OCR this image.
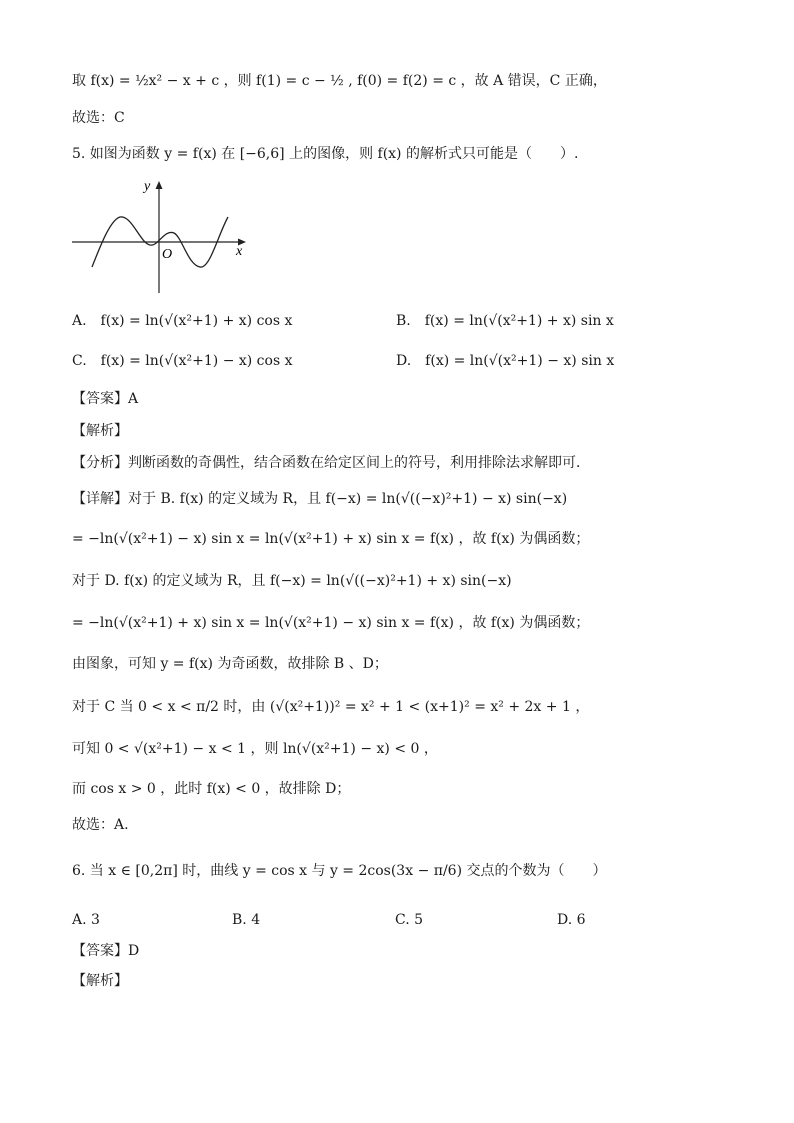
取 f(x) = ½x² − x + c ，则 f(1) = c − ½ , f(0) = f(2) = c ，故 A 错误，C 正确，
故选：C
5. 如图为函数 y = f(x) 在 [−6,6] 上的图像，则 f(x) 的解析式只可能是（　　）.
y
x
O
A.　f(x) = ln(√(x²+1) + x) cos x	B.　f(x) = ln(√(x²+1) + x) sin x
C.　f(x) = ln(√(x²+1) − x) cos x	D.　f(x) = ln(√(x²+1) − x) sin x
【答案】A
【解析】
【分析】判断函数的奇偶性，结合函数在给定区间上的符号，利用排除法求解即可．
【详解】对于 B. f(x) 的定义域为 R，且 f(−x) = ln(√((−x)²+1) − x) sin(−x)
= −ln(√(x²+1) − x) sin x = ln(√(x²+1) + x) sin x = f(x) ，故 f(x) 为偶函数；
对于 D. f(x) 的定义域为 R，且 f(−x) = ln(√((−x)²+1) + x) sin(−x)
= −ln(√(x²+1) + x) sin x = ln(√(x²+1) − x) sin x = f(x) ，故 f(x) 为偶函数；
由图象，可知 y = f(x) 为奇函数，故排除 B 、D；
对于 C 当 0 < x < π/2 时，由 (√(x²+1))² = x² + 1 < (x+1)² = x² + 2x + 1 ，
可知 0 < √(x²+1) − x < 1 ，则 ln(√(x²+1) − x) < 0 ，
而 cos x > 0 ，此时 f(x) < 0 ，故排除 D；
故选：A.
6. 当 x ∈ [0,2π] 时，曲线 y = cos x 与 y = 2cos(3x − π/6) 交点的个数为（　　）
A. 3	B. 4	C. 5	D. 6
【答案】D
【解析】
